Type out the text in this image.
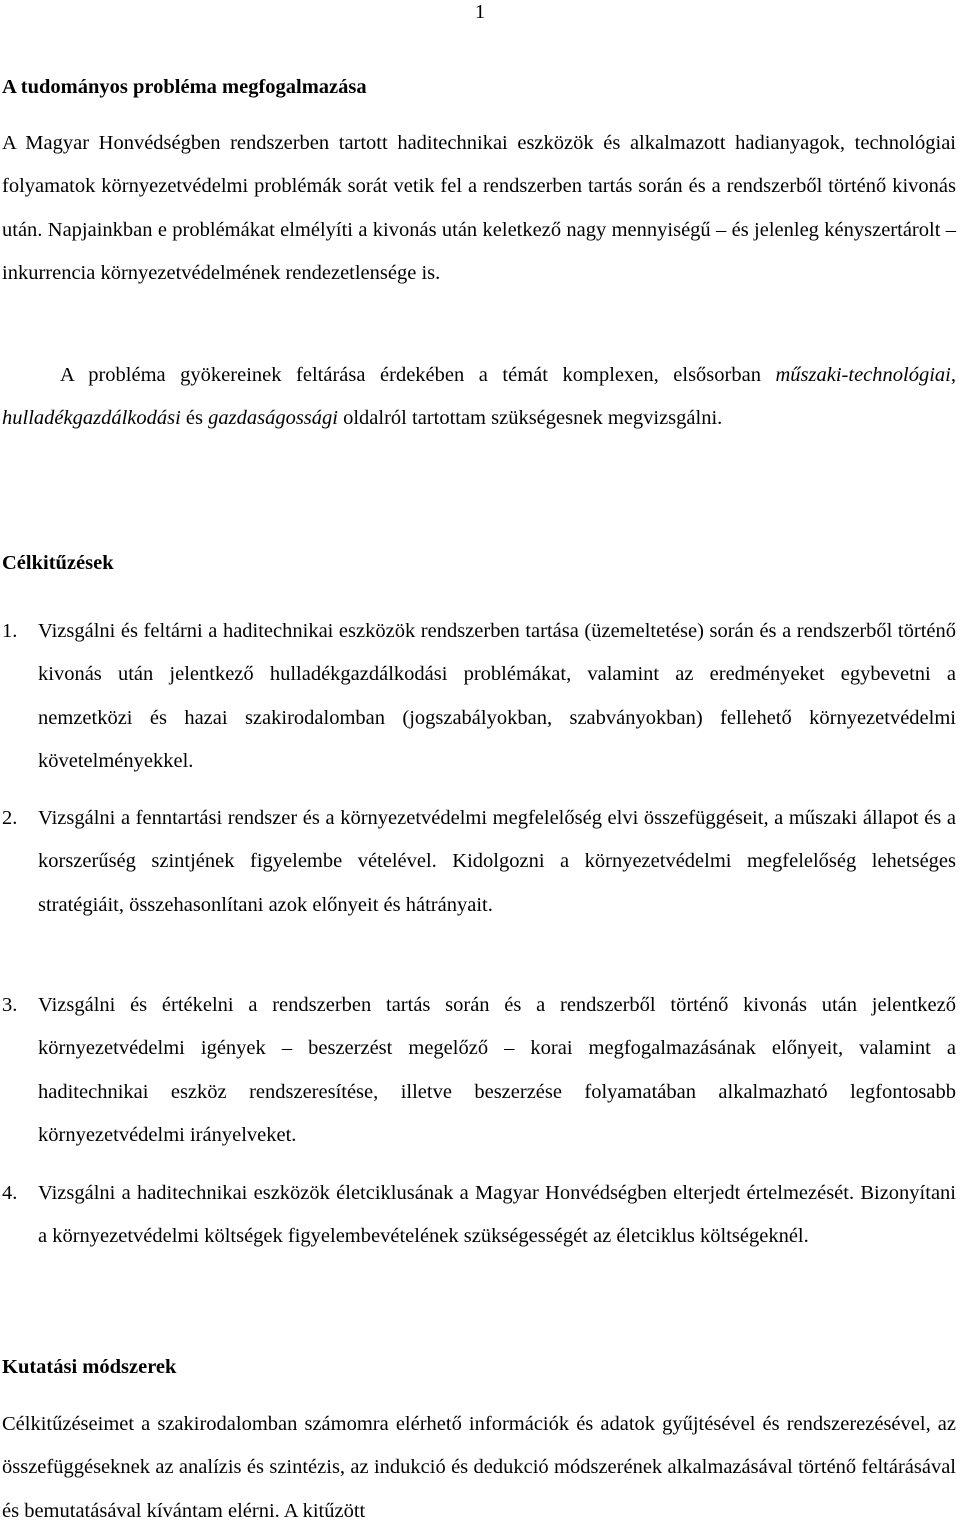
1

A tudományos probléma megfogalmazása

A Magyar Honvédségben rendszerben tartott haditechnikai eszközök és alkalmazott hadianyagok, technológiai folyamatok környezetvédelmi problémák sorát vetik fel a rendszerben tartás során és a rendszerből történő kivonás után. Napjainkban e problémákat elmélyíti a kivonás után keletkező nagy mennyiségű – és jelenleg kényszertárolt – inkurrencia környezetvédelmének rendezetlensége is.

A probléma gyökereinek feltárása érdekében a témát komplexen, elsősorban műszaki-technológiai, hulladékgazdálkodási és gazdaságossági oldalról tartottam szükségesnek megvizsgálni.

Célkitűzések

1.	Vizsgálni és feltárni a haditechnikai eszközök rendszerben tartása (üzemeltetése) során és a rendszerből történő kivonás után jelentkező hulladékgazdálkodási problémákat, valamint az eredményeket egybevetni a nemzetközi és hazai szakirodalomban (jogszabályokban, szabványokban) fellehető környezetvédelmi követelményekkel.
2.	Vizsgálni a fenntartási rendszer és a környezetvédelmi megfelelőség elvi összefüggéseit, a műszaki állapot és a korszerűség szintjének figyelembe vételével. Kidolgozni a környezetvédelmi megfelelőség lehetséges stratégiáit, összehasonlítani azok előnyeit és hátrányait.
3.	Vizsgálni és értékelni a rendszerben tartás során és a rendszerből történő kivonás után jelentkező környezetvédelmi igények – beszerzést megelőző – korai megfogalmazásának előnyeit, valamint a haditechnikai eszköz rendszeresítése, illetve beszerzése folyamatában alkalmazható legfontosabb környezetvédelmi irányelveket.
4.	Vizsgálni a haditechnikai eszközök életciklusának a Magyar Honvédségben elterjedt értelmezését. Bizonyítani a környezetvédelmi költségek figyelembevételének szükségességét az életciklus költségeknél.

Kutatási módszerek

Célkitűzéseimet a szakirodalomban számomra elérhető információk és adatok gyűjtésével és rendszerezésével, az összefüggéseknek az analízis és szintézis, az indukció és dedukció módszerének alkalmazásával történő feltárásával és bemutatásával kívántam elérni. A kitűzött
